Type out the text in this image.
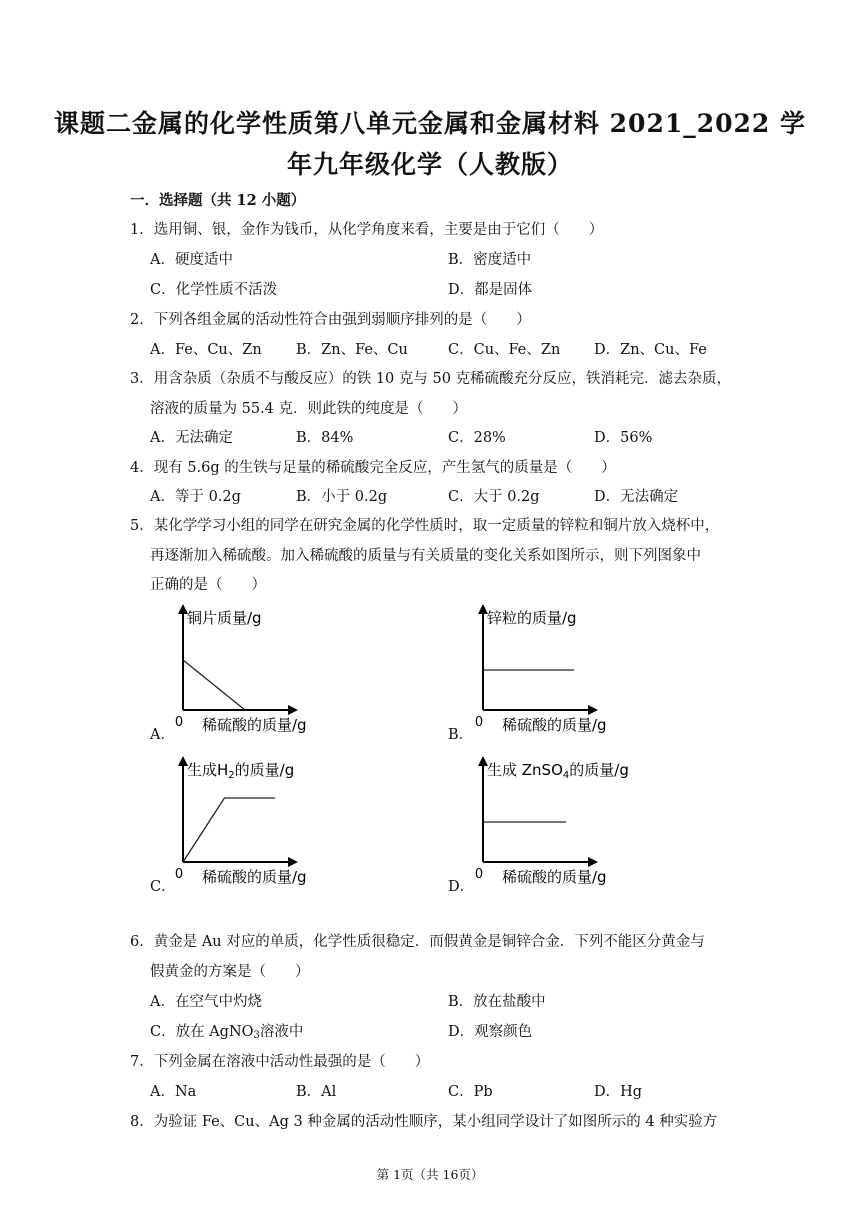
课题二金属的化学性质第八单元金属和金属材料 2021_2022 学
年九年级化学（人教版）
一．选择题（共 12 小题）
1．选用铜、银，金作为钱币，从化学角度来看，主要是由于它们（　　）
A．硬度适中	B．密度适中
C．化学性质不活泼	D．都是固体
2．下列各组金属的活动性符合由强到弱顺序排列的是（　　）
A．Fe、Cu、Zn B．Zn、Fe、Cu	C．Cu、Fe、Zn D．Zn、Cu、Fe
3．用含杂质（杂质不与酸反应）的铁 10 克与 50 克稀硫酸充分反应，铁消耗完．滤去杂质，
溶液的质量为 55.4 克．则此铁的纯度是（　　）
A．无法确定	B．84%	C．28%	D．56%
4．现有 5.6g 的生铁与足量的稀硫酸完全反应，产生氢气的质量是（　　）
A．等于 0.2g	B．小于 0.2g	C．大于 0.2g	D．无法确定
5．某化学学习小组的同学在研究金属的化学性质时，取一定质量的锌粒和铜片放入烧杯中，
再逐渐加入稀硫酸。加入稀硫酸的质量与有关质量的变化关系如图所示，则下列图象中
正确的是（　　）
A．	B．
C．	D．
0 稀硫酸的质量/g
铜片质量/g
0 稀硫酸的质量/g
锌粒的质量/g
0 稀硫酸的质量/g
生成$H_2$的质量/g
0 稀硫酸的质量/g
生成 ZnSO$_4$的质量/g
6．黄金是 Au 对应的单质，化学性质很稳定．而假黄金是铜锌合金．下列不能区分黄金与
假黄金的方案是（　　）
A．在空气中灼烧	B．放在盐酸中
C．放在 AgNO$_3$溶液中	D．观察颜色
7．下列金属在溶液中活动性最强的是（　　）
A．Na	B．Al	C．Pb	D．Hg
8．为验证 Fe、Cu、Ag 3 种金属的活动性顺序，某小组同学设计了如图所示的 4 种实验方
第 1页（共 16页）
